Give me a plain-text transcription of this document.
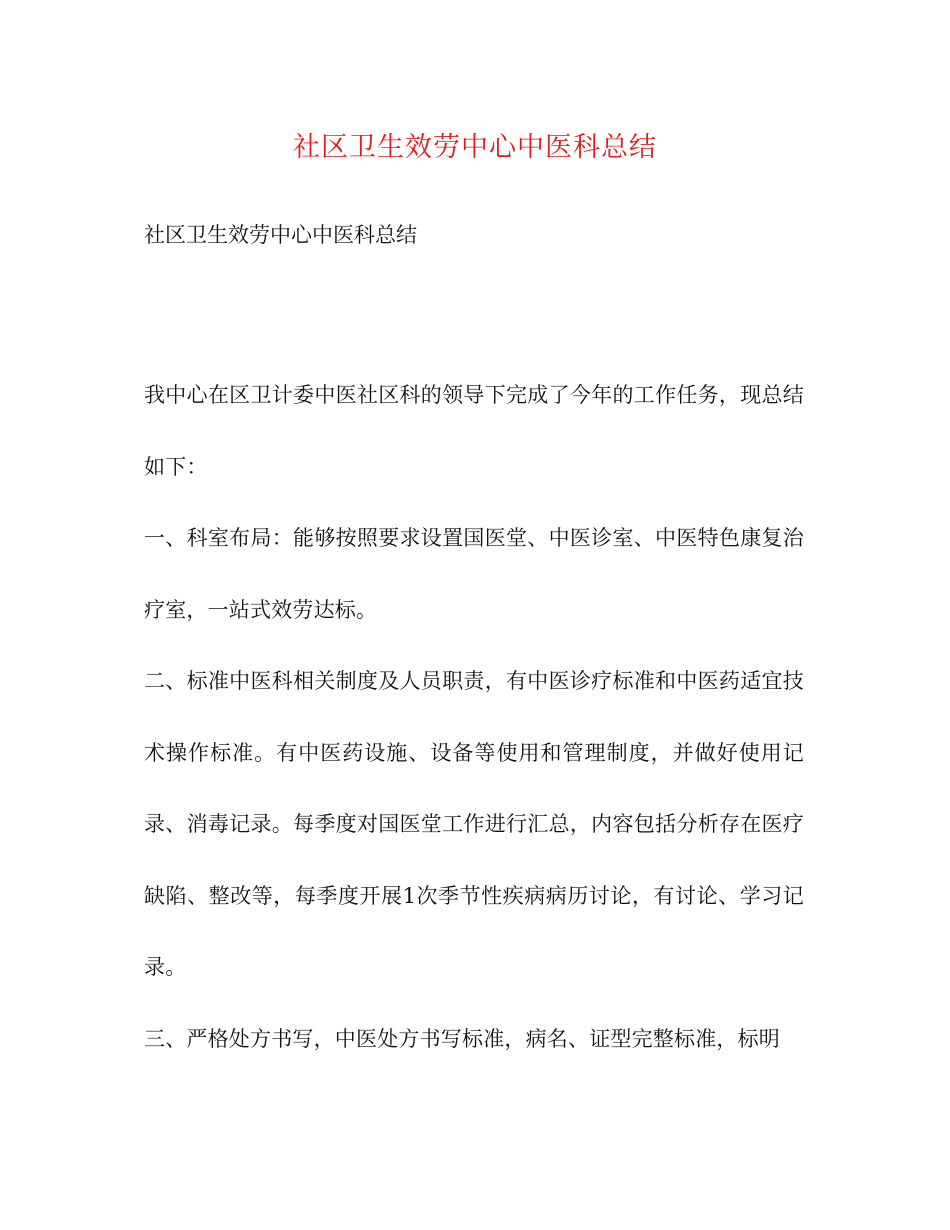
社区卫生效劳中心中医科总结
社区卫生效劳中心中医科总结

我中心在区卫计委中医社区科的领导下完成了今年的工作任务，现总结如下：

一、科室布局：能够按照要求设置国医堂、中医诊室、中医特色康复治疗室，一站式效劳达标。

二、标准中医科相关制度及人员职责，有中医诊疗标准和中医药适宜技术操作标准。有中医药设施、设备等使用和管理制度，并做好使用记录、消毒记录。每季度对国医堂工作进行汇总，内容包括分析存在医疗缺陷、整改等，每季度开展1次季节性疾病病历讨论，有讨论、学习记录。

三、严格处方书写，中医处方书写标准，病名、证型完整标准，标明
